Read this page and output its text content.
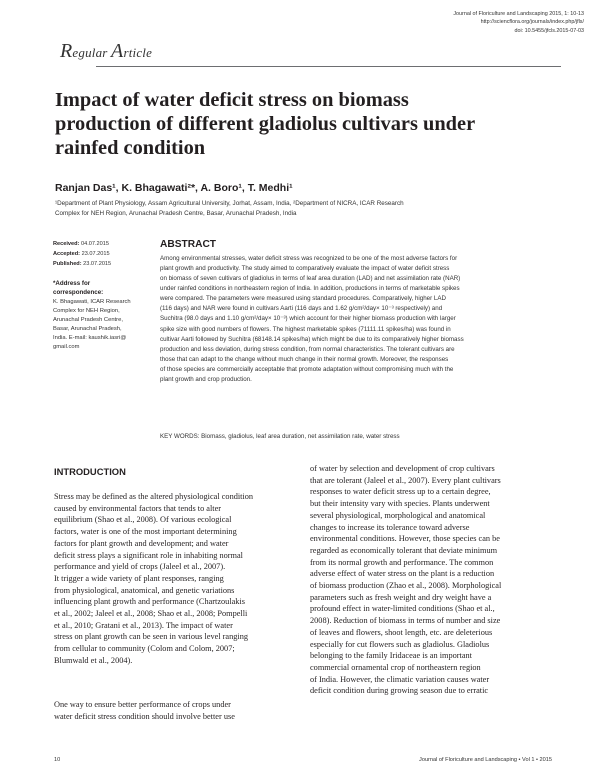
Journal of Floriculture and Landscaping 2015, 1: 10-13
http://sciencflora.org/journals/index.php/jfls/
doi: 10.5455/jfcls.2015-07-03
Regular Article
Impact of water deficit stress on biomass
production of different gladiolus cultivars under
rainfed condition
Ranjan Das¹, K. Bhagawati²*, A. Boro¹, T. Medhi¹
¹Department of Plant Physiology, Assam Agricultural University, Jorhat, Assam, India, ²Department of NICRA, ICAR Research
Complex for NEH Region, Arunachal Pradesh Centre, Basar, Arunachal Pradesh, India
Received: 04.07.2015
Accepted: 23.07.2015
Published: 23.07.2015
*Address for
correspondence:
K. Bhagawati, ICAR Research
Complex for NEH Region,
Arunachal Pradesh Centre,
Basar, Arunachal Pradesh,
India. E-mail: kaushik.iasri@
gmail.com
ABSTRACT
Among environmental stresses, water deficit stress was recognized to be one of the most adverse factors for
plant growth and productivity. The study aimed to comparatively evaluate the impact of water deficit stress
on biomass of seven cultivars of gladiolus in terms of leaf area duration (LAD) and net assimilation rate (NAR)
under rainfed conditions in northeastern region of India. In addition, productions in terms of marketable spikes
were compared. The parameters were measured using standard procedures. Comparatively, higher LAD
(116 days) and NAR were found in cultivars Aarti (116 days and 1.62 g/cm²/day× 10⁻³ respectively) and
Suchitra (98.0 days and 1.10 g/cm²/day× 10⁻³) which account for their higher biomass production with larger
spike size with good numbers of flowers. The highest marketable spikes (71111.11 spikes/ha) was found in
cultivar Aarti followed by Suchitra (68148.14 spikes/ha) which might be due to its comparatively higher biomass
production and less deviation, during stress condition, from normal characteristics. The tolerant cultivars are
those that can adapt to the change without much change in their normal growth. Moreover, the responses
of those species are commercially acceptable that promote adaptation without compromising much with the
plant growth and crop production.
KEY WORDS: Biomass, gladiolus, leaf area duration, net assimilation rate, water stress
INTRODUCTION
Stress may be defined as the altered physiological condition
caused by environmental factors that tends to alter
equilibrium (Shao et al., 2008). Of various ecological
factors, water is one of the most important determining
factors for plant growth and development; and water
deficit stress plays a significant role in inhabiting normal
performance and yield of crops (Jaleel et al., 2007).
It trigger a wide variety of plant responses, ranging
from physiological, anatomical, and genetic variations
influencing plant growth and performance (Chartzoulakis
et al., 2002; Jaleel et al., 2008; Shao et al., 2008; Pompelli
et al., 2010; Gratani et al., 2013). The impact of water
stress on plant growth can be seen in various level ranging
from cellular to community (Colom and Colom, 2007;
Blumwald et al., 2004).
One way to ensure better performance of crops under
water deficit stress condition should involve better use
of water by selection and development of crop cultivars
that are tolerant (Jaleel et al., 2007). Every plant cultivars
responses to water deficit stress up to a certain degree,
but their intensity vary with species. Plants underwent
several physiological, morphological and anatomical
changes to increase its tolerance toward adverse
environmental conditions. However, those species can be
regarded as economically tolerant that deviate minimum
from its normal growth and performance. The common
adverse effect of water stress on the plant is a reduction
of biomass production (Zhao et al., 2008). Morphological
parameters such as fresh weight and dry weight have a
profound effect in water-limited conditions (Shao et al.,
2008). Reduction of biomass in terms of number and size
of leaves and flowers, shoot length, etc. are deleterious
especially for cut flowers such as gladiolus. Gladiolus
belonging to the family Iridaceae is an important
commercial ornamental crop of northeastern region
of India. However, the climatic variation causes water
deficit condition during growing season due to erratic
10	Journal of Floriculture and Landscaping • Vol 1 • 2015
